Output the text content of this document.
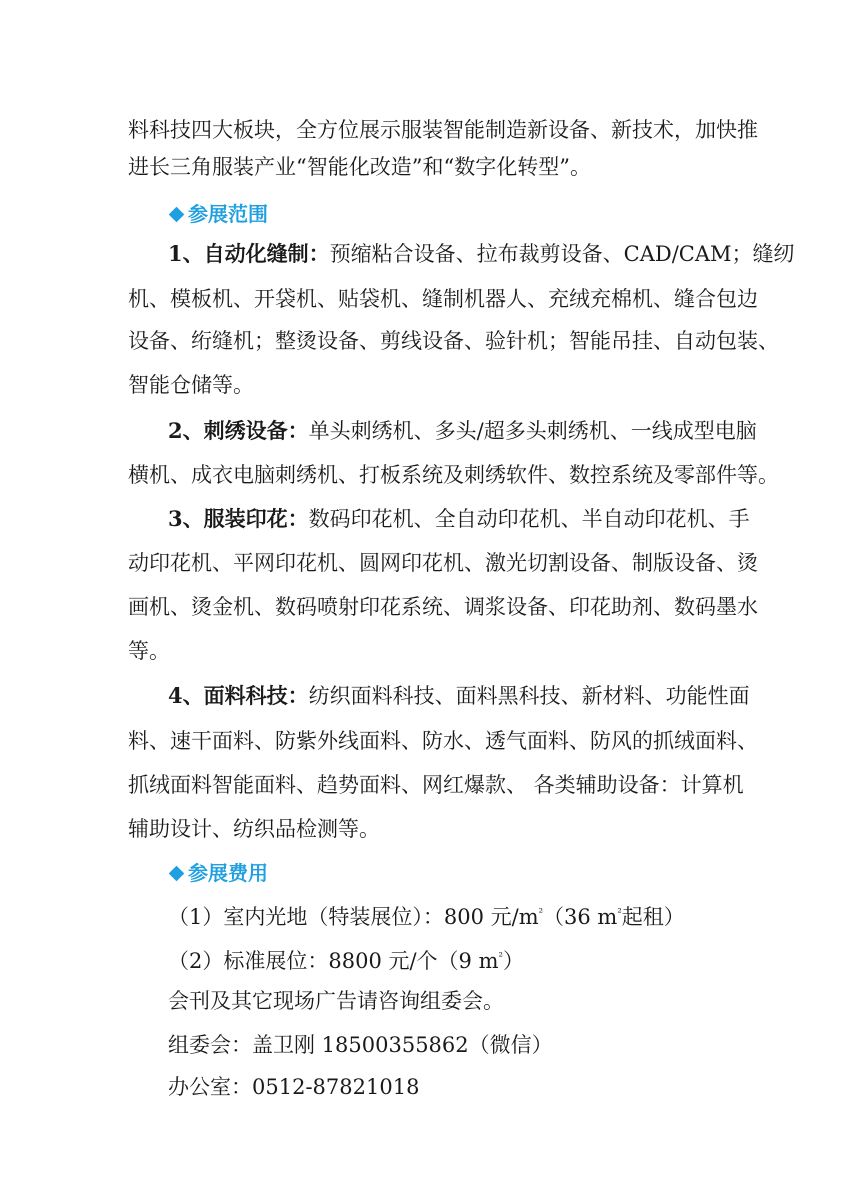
料科技四大板块，全方位展示服装智能制造新设备、新技术，加快推
进长三角服装产业“智能化改造”和“数字化转型”。
参展范围
1、自动化缝制：预缩粘合设备、拉布裁剪设备、CAD/CAM；缝纫
机、模板机、开袋机、贴袋机、缝制机器人、充绒充棉机、缝合包边
设备、绗缝机；整烫设备、剪线设备、验针机；智能吊挂、自动包装、
智能仓储等。
2、刺绣设备：单头刺绣机、多头/超多头刺绣机、一线成型电脑
横机、成衣电脑刺绣机、打板系统及刺绣软件、数控系统及零部件等。
3、服装印花：数码印花机、全自动印花机、半自动印花机、手
动印花机、平网印花机、圆网印花机、激光切割设备、制版设备、烫
画机、烫金机、数码喷射印花系统、调浆设备、印花助剂、数码墨水
等。
4、面料科技：纺织面料科技、面料黑科技、新材料、功能性面
料、速干面料、防紫外线面料、防水、透气面料、防风的抓绒面料、
抓绒面料智能面料、趋势面料、网红爆款、 各类辅助设备：计算机
辅助设计、纺织品检测等。
参展费用
（1）室内光地（特装展位）：800 元$/m^{^2}(36$ $m^{^2}$起租）
（2）标准展位：8800 元/个（9 $m^{^2}$）
会刊及其它现场广告请咨询组委会。
组委会：盖卫刚 18500355862（微信）
办公室：0512-87821018
